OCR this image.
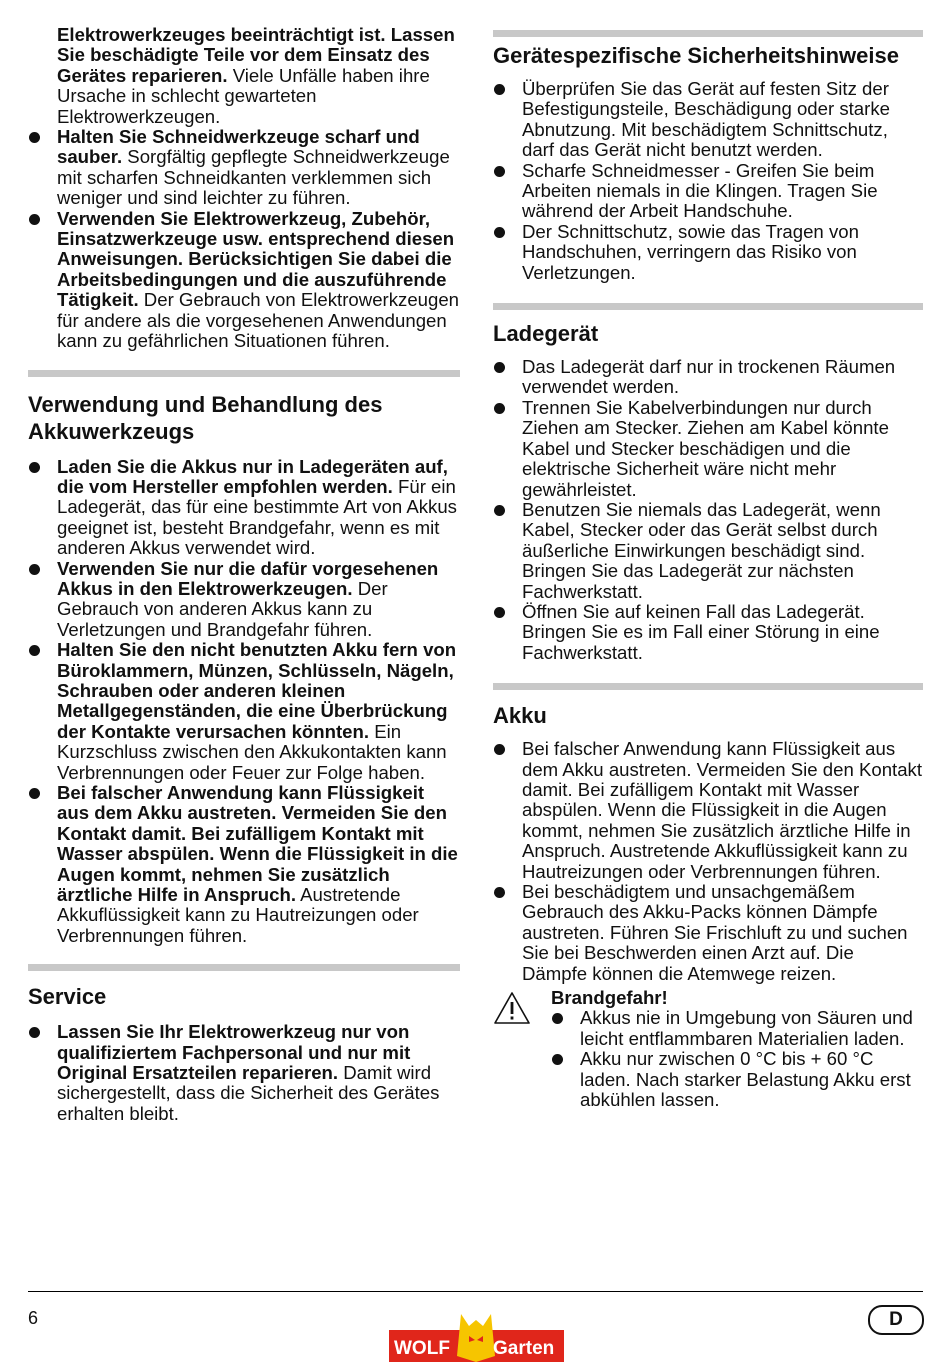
Elektrowerkzeuges beeinträchtigt ist. Lassen Sie beschädigte Teile vor dem Einsatz des Gerätes reparieren. Viele Unfälle haben ihre Ursache in schlecht gewarteten Elektrowerkzeugen.
Halten Sie Schneidwerkzeuge scharf und sauber. Sorgfältig gepflegte Schneidwerkzeuge mit scharfen Schneidkanten verklemmen sich weniger und sind leichter zu führen.
Verwenden Sie Elektrowerkzeug, Zubehör, Einsatzwerkzeuge usw. entsprechend diesen Anweisungen. Berücksichtigen Sie dabei die Arbeitsbedingungen und die auszuführende Tätigkeit. Der Gebrauch von Elektrowerkzeugen für andere als die vorgesehenen Anwendungen kann zu gefährlichen Situationen führen.
Verwendung und Behandlung des Akkuwerkzeugs
Laden Sie die Akkus nur in Ladegeräten auf, die vom Hersteller empfohlen werden. Für ein Ladegerät, das für eine bestimmte Art von Akkus geeignet ist, besteht Brandgefahr, wenn es mit anderen Akkus verwendet wird.
Verwenden Sie nur die dafür vorgesehenen Akkus in den Elektrowerkzeugen. Der Gebrauch von anderen Akkus kann zu Verletzungen und Brandgefahr führen.
Halten Sie den nicht benutzten Akku fern von Büroklammern, Münzen, Schlüsseln, Nägeln, Schrauben oder anderen kleinen Metallgegenständen, die eine Überbrückung der Kontakte verursachen könnten. Ein Kurzschluss zwischen den Akkukontakten kann Verbrennungen oder Feuer zur Folge haben.
Bei falscher Anwendung kann Flüssigkeit aus dem Akku austreten. Vermeiden Sie den Kontakt damit. Bei zufälligem Kontakt mit Wasser abspülen. Wenn die Flüssigkeit in die Augen kommt, nehmen Sie zusätzlich ärztliche Hilfe in Anspruch. Austretende Akkuflüssigkeit kann zu Hautreizungen oder Verbrennungen führen.
Service
Lassen Sie Ihr Elektrowerkzeug nur von qualifiziertem Fachpersonal und nur mit Original Ersatzteilen reparieren. Damit wird sichergestellt, dass die Sicherheit des Gerätes erhalten bleibt.
Gerätespezifische Sicherheitshinweise
Überprüfen Sie das Gerät auf festen Sitz der Befestigungsteile, Beschädigung oder starke Abnutzung. Mit beschädigtem Schnittschutz, darf das Gerät nicht benutzt werden.
Scharfe Schneidmesser - Greifen Sie beim Arbeiten niemals in die Klingen. Tragen Sie während der Arbeit Handschuhe.
Der Schnittschutz, sowie das Tragen von Handschuhen, verringern das Risiko von Verletzungen.
Ladegerät
Das Ladegerät darf nur in trockenen Räumen verwendet werden.
Trennen Sie Kabelverbindungen nur durch Ziehen am Stecker. Ziehen am Kabel könnte Kabel und Stecker beschädigen und die elektrische Sicherheit wäre nicht mehr gewährleistet.
Benutzen Sie niemals das Ladegerät, wenn Kabel, Stecker oder das Gerät selbst durch äußerliche Einwirkungen beschädigt sind. Bringen Sie das Ladegerät zur nächsten Fachwerkstatt.
Öffnen Sie auf keinen Fall das Ladegerät. Bringen Sie es im Fall einer Störung in eine Fachwerkstatt.
Akku
Bei falscher Anwendung kann Flüssigkeit aus dem Akku austreten. Vermeiden Sie den Kontakt damit. Bei zufälligem Kontakt mit Wasser abspülen. Wenn die Flüssigkeit in die Augen kommt, nehmen Sie zusätzlich ärztliche Hilfe in Anspruch. Austretende Akkuflüssigkeit kann zu Hautreizungen oder Verbrennungen führen.
Bei beschädigtem und unsachgemäßem Gebrauch des Akku-Packs können Dämpfe austreten. Führen Sie Frischluft zu und suchen Sie bei Beschwerden einen Arzt auf. Die Dämpfe können die Atemwege reizen.
Brandgefahr!
Akkus nie in Umgebung von Säuren und leicht entflammbaren Materialien laden.
Akku nur zwischen 0 °C bis + 60 °C laden. Nach starker Belastung Akku erst abkühlen lassen.
6	D
WOLF Garten
